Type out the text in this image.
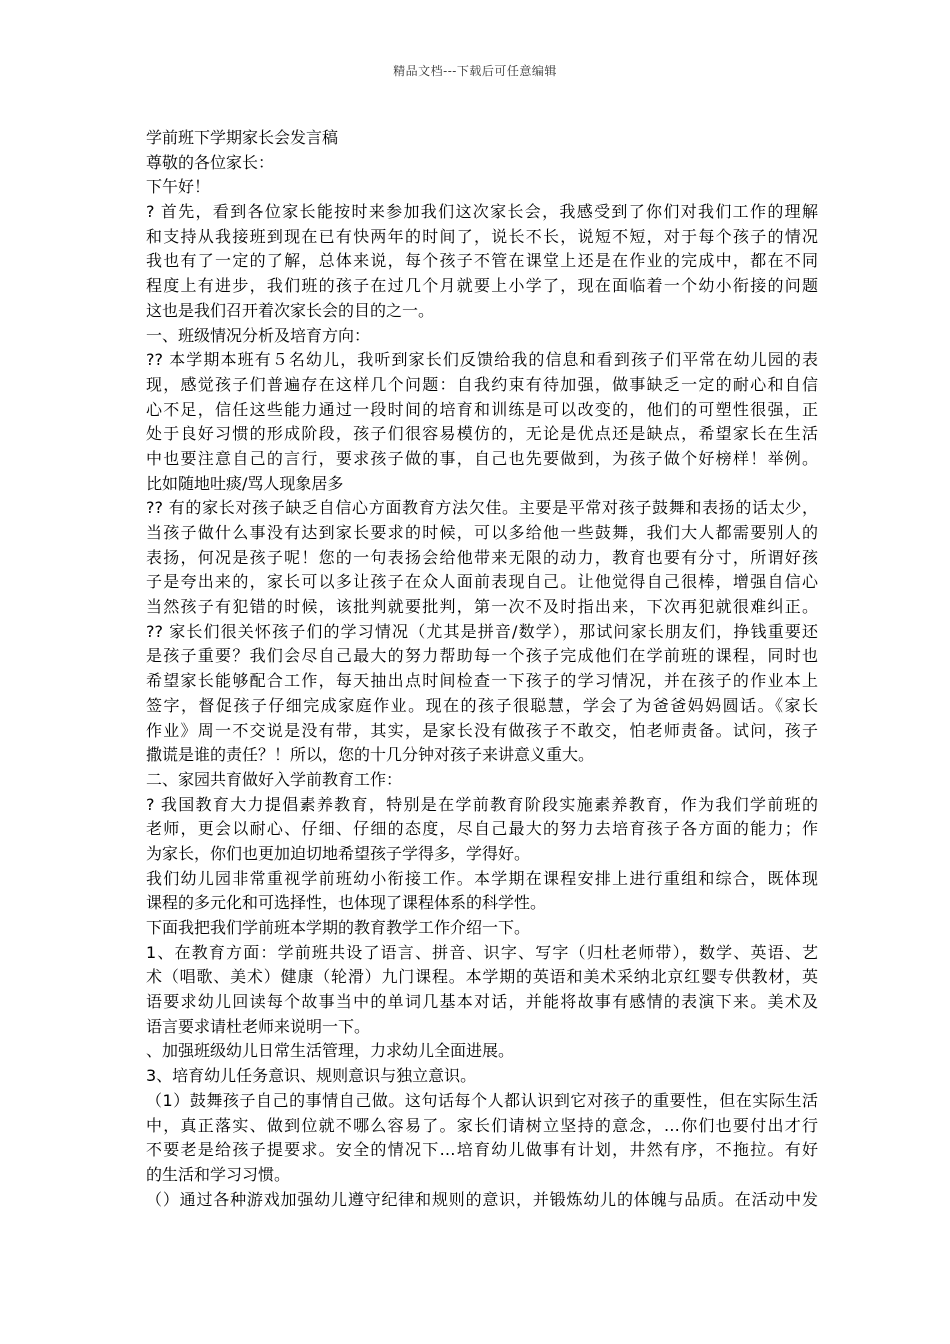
精品文档---下载后可任意编辑
学前班下学期家长会发言稿
尊敬的各位家长：
下午好！
? 首先，看到各位家长能按时来参加我们这次家长会，我感受到了你们对我们工作的理解
和支持从我接班到现在已有快两年的时间了，说长不长，说短不短，对于每个孩子的情况
我也有了一定的了解，总体来说，每个孩子不管在课堂上还是在作业的完成中，都在不同
程度上有进步，我们班的孩子在过几个月就要上小学了，现在面临着一个幼小衔接的问题
这也是我们召开着次家长会的目的之一。
一、班级情况分析及培育方向：
?? 本学期本班有５名幼儿，我听到家长们反馈给我的信息和看到孩子们平常在幼儿园的表
现，感觉孩子们普遍存在这样几个问题：自我约束有待加强，做事缺乏一定的耐心和自信
心不足，信任这些能力通过一段时间的培育和训练是可以改变的，他们的可塑性很强，正
处于良好习惯的形成阶段，孩子们很容易模仿的，无论是优点还是缺点，希望家长在生活
中也要注意自己的言行，要求孩子做的事，自己也先要做到，为孩子做个好榜样！举例。
比如随地吐痰/骂人现象居多
?? 有的家长对孩子缺乏自信心方面教育方法欠佳。主要是平常对孩子鼓舞和表扬的话太少，
当孩子做什么事没有达到家长要求的时候，可以多给他一些鼓舞，我们大人都需要别人的
表扬，何况是孩子呢！您的一句表扬会给他带来无限的动力，教育也要有分寸，所谓好孩
子是夸出来的，家长可以多让孩子在众人面前表现自己。让他觉得自己很棒，增强自信心
当然孩子有犯错的时候，该批判就要批判，第一次不及时指出来，下次再犯就很难纠正。
?? 家长们很关怀孩子们的学习情况（尤其是拼音/数学），那试问家长朋友们，挣钱重要还
是孩子重要？我们会尽自己最大的努力帮助每一个孩子完成他们在学前班的课程，同时也
希望家长能够配合工作，每天抽出点时间检查一下孩子的学习情况，并在孩子的作业本上
签字，督促孩子仔细完成家庭作业。现在的孩子很聪慧，学会了为爸爸妈妈圆话。《家长
作业》周一不交说是没有带，其实，是家长没有做孩子不敢交，怕老师责备。试问，孩子
撒谎是谁的责任？！所以，您的十几分钟对孩子来讲意义重大。
二、家园共育做好入学前教育工作：
? 我国教育大力提倡素养教育，特别是在学前教育阶段实施素养教育，作为我们学前班的
老师，更会以耐心、仔细、仔细的态度，尽自己最大的努力去培育孩子各方面的能力；作
为家长，你们也更加迫切地希望孩子学得多，学得好。
我们幼儿园非常重视学前班幼小衔接工作。本学期在课程安排上进行重组和综合，既体现
课程的多元化和可选择性，也体现了课程体系的科学性。
下面我把我们学前班本学期的教育教学工作介绍一下。
1、在教育方面：学前班共设了语言、拼音、识字、写字（归杜老师带），数学、英语、艺
术（唱歌、美术）健康（轮滑）九门课程。本学期的英语和美术采纳北京红婴专供教材，英
语要求幼儿回读每个故事当中的单词几基本对话，并能将故事有感情的表演下来。美术及
语言要求请杜老师来说明一下。
、加强班级幼儿日常生活管理，力求幼儿全面进展。
3、培育幼儿任务意识、规则意识与独立意识。
（1）鼓舞孩子自己的事情自己做。这句话每个人都认识到它对孩子的重要性，但在实际生活
中，真正落实、做到位就不哪么容易了。家长们请树立坚持的意念，…你们也要付出才行
不要老是给孩子提要求。安全的情况下…培育幼儿做事有计划，井然有序，不拖拉。有好
的生活和学习习惯。
（）通过各种游戏加强幼儿遵守纪律和规则的意识，并锻炼幼儿的体魄与品质。在活动中发
